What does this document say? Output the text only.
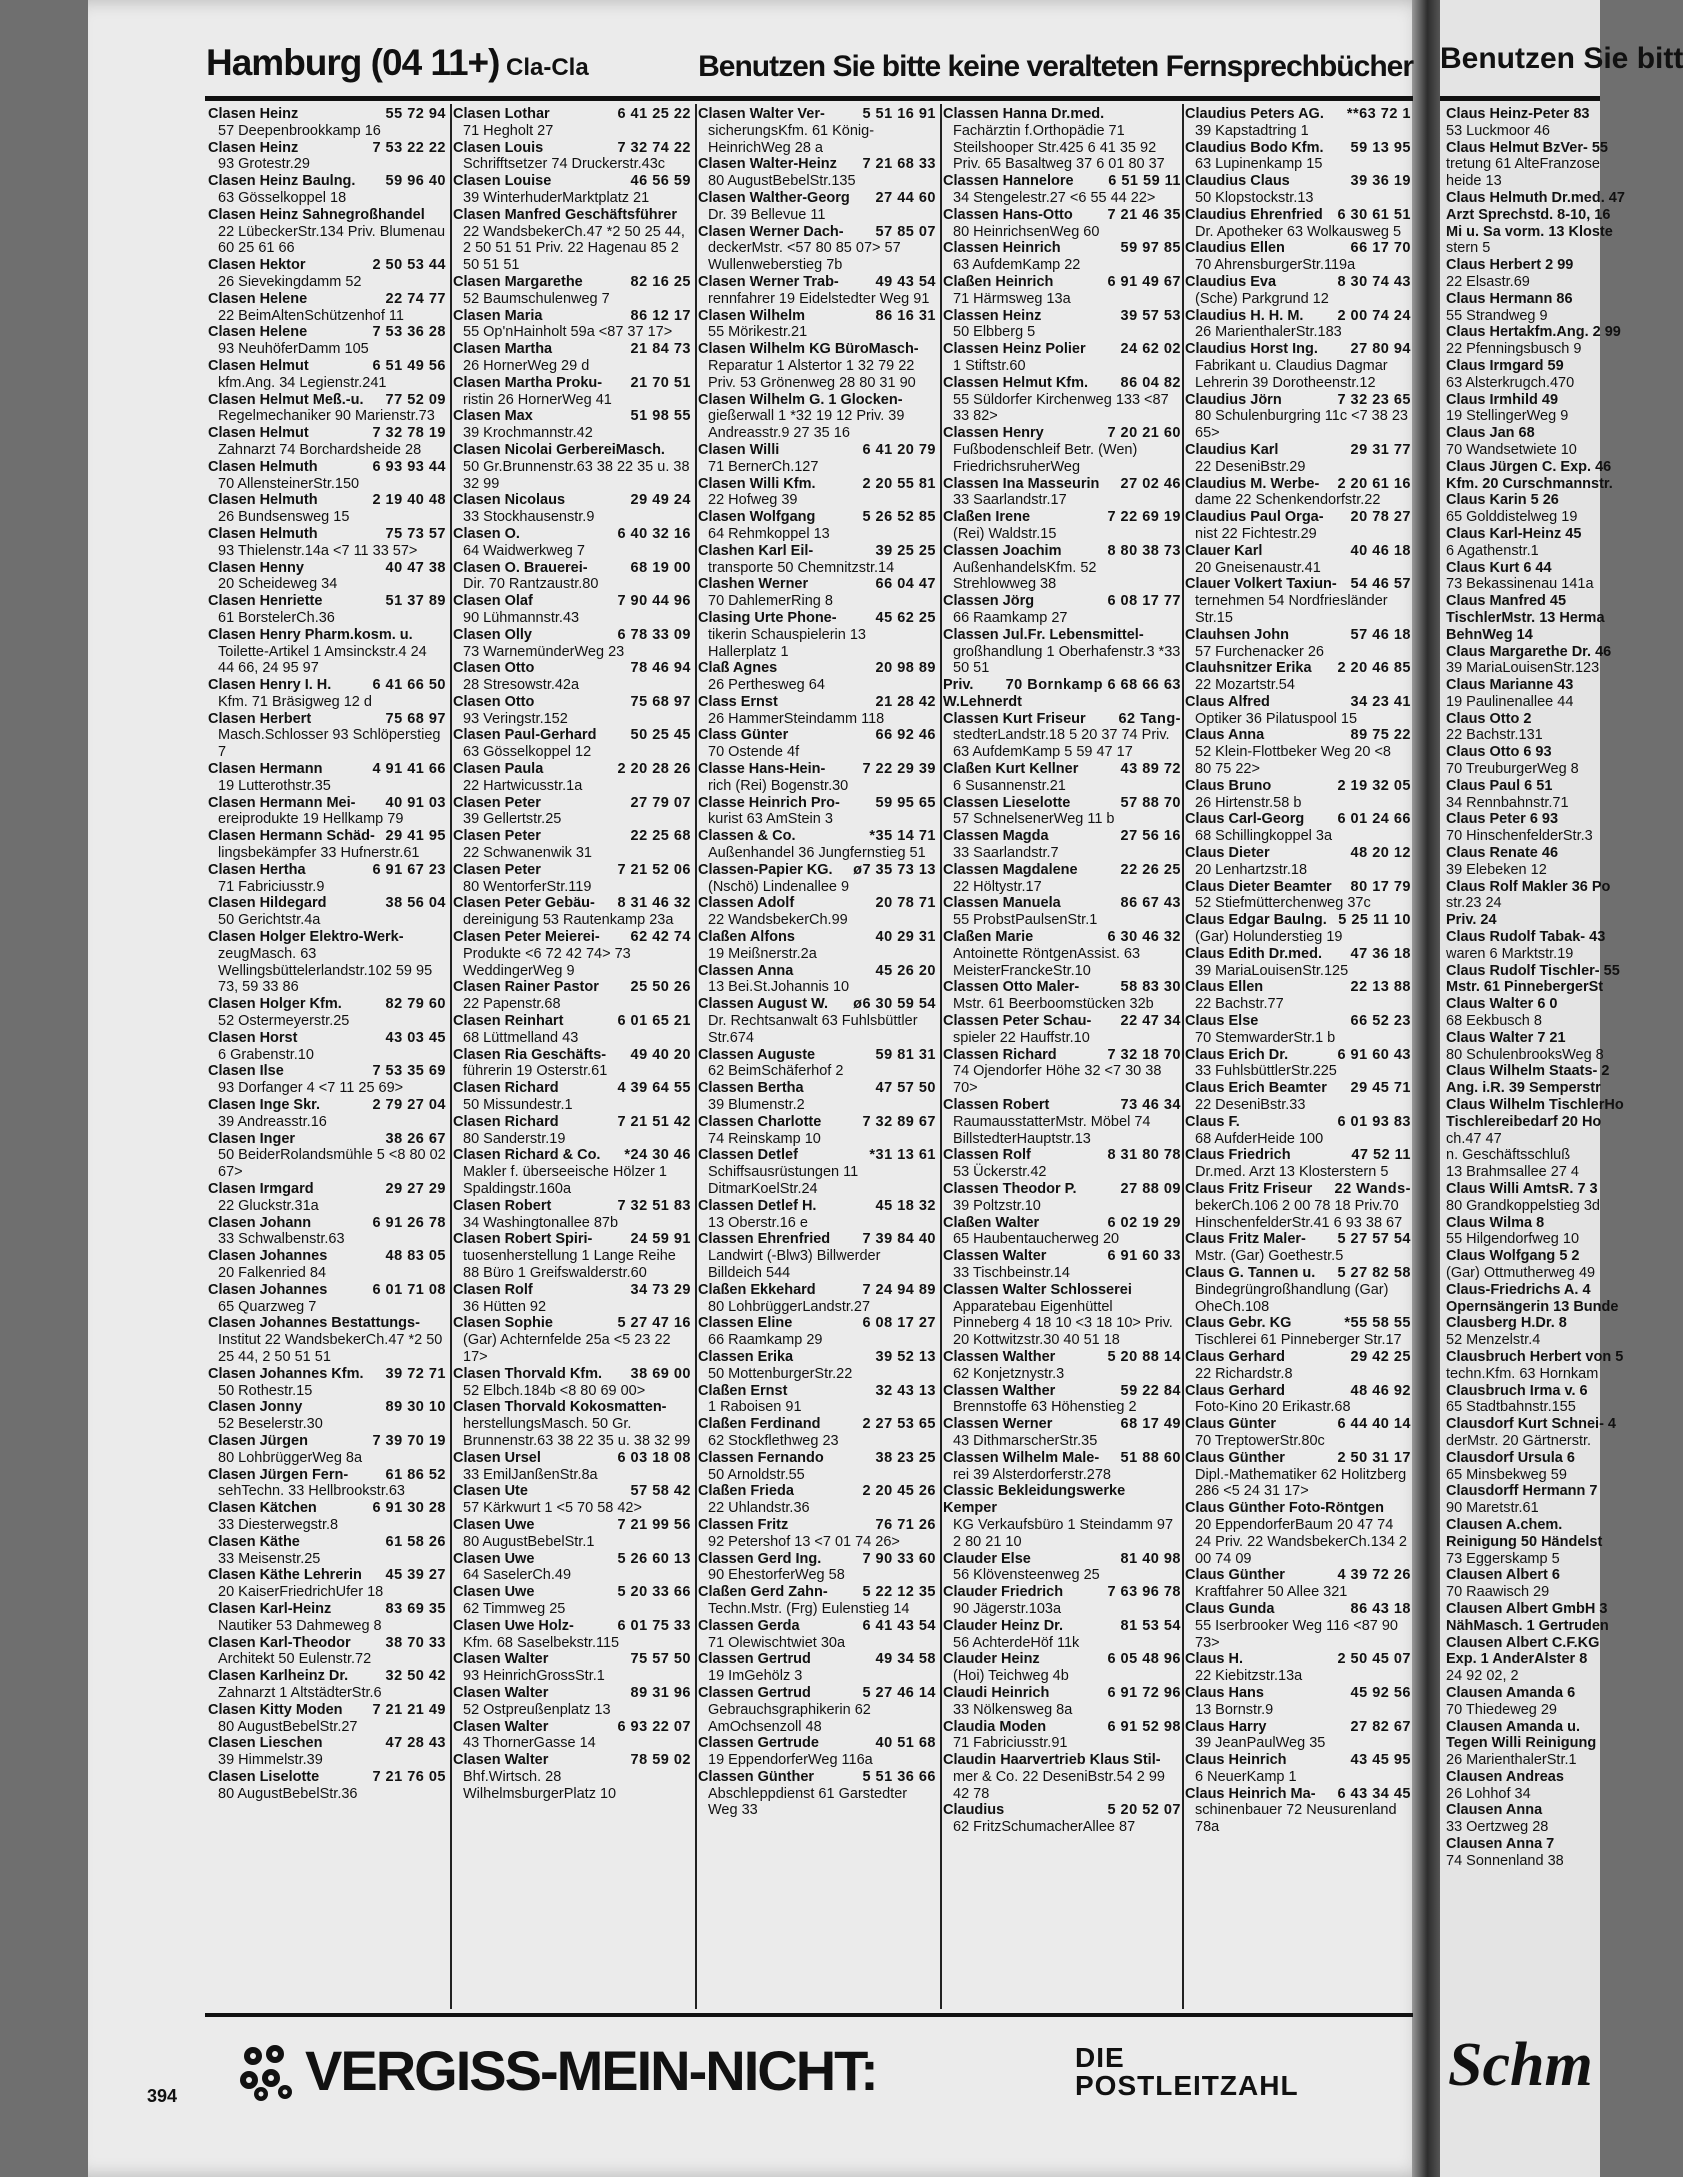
Hamburg (04 11+) Cla-Cla	Benutzen Sie bitte keine veralteten Fernsprechbücher
55 72 94
Clasen Heinz
57 Deepenbrookkamp 16
7 53 22 22
Clasen Heinz
93 Grotestr.29
59 96 40
Clasen Heinz Baulng.
63 Gösselkoppel 18
Clasen Heinz Sahnegroßhandel
22 LübeckerStr.134 Priv. Blumenau 60 25 61 66
2 50 53 44
Clasen Hektor
26 Sievekingdamm 52
22 74 77
Clasen Helene
22 BeimAltenSchützenhof 11
7 53 36 28
Clasen Helene
93 NeuhöferDamm 105
6 51 49 56
Clasen Helmut
kfm.Ang. 34 Legienstr.241
77 52 09
Clasen Helmut Meß.-u.
Regelmechaniker 90 Marienstr.73
7 32 78 19
Clasen Helmut
Zahnarzt 74 Borchardsheide 28
6 93 93 44
Clasen Helmuth
70 AllensteinerStr.150
2 19 40 48
Clasen Helmuth
26 Bundsensweg 15
75 73 57
Clasen Helmuth
93 Thielenstr.14a <7 11 33 57>
40 47 38
Clasen Henny
20 Scheideweg 34
51 37 89
Clasen Henriette
61 BorstelerCh.36
Clasen Henry Pharm.kosm. u.
Toilette-Artikel 1 Amsinckstr.4 24 44 66, 24 95 97
6 41 66 50
Clasen Henry I. H.
Kfm. 71 Bräsigweg 12 d
75 68 97
Clasen Herbert
Masch.Schlosser 93 Schlöperstieg 7
4 91 41 66
Clasen Hermann
19 Lutterothstr.35
40 91 03
Clasen Hermann Mei-
ereiprodukte 19 Hellkamp 79
29 41 95
Clasen Hermann Schäd-
lingsbekämpfer 33 Hufnerstr.61
6 91 67 23
Clasen Hertha
71 Fabriciusstr.9
38 56 04
Clasen Hildegard
50 Gerichtstr.4a
Clasen Holger Elektro-Werk-
zeugMasch. 63 Wellingsbüttelerlandstr.102 59 95 73, 59 33 86
82 79 60
Clasen Holger Kfm.
52 Ostermeyerstr.25
43 03 45
Clasen Horst
6 Grabenstr.10
7 53 35 69
Clasen Ilse
93 Dorfanger 4 <7 11 25 69>
2 79 27 04
Clasen Inge Skr.
39 Andreasstr.16
38 26 67
Clasen Inger
50 BeiderRolandsmühle 5 <8 80 02 67>
29 27 29
Clasen Irmgard
22 Gluckstr.31a
6 91 26 78
Clasen Johann
33 Schwalbenstr.63
48 83 05
Clasen Johannes
20 Falkenried 84
6 01 71 08
Clasen Johannes
65 Quarzweg 7
Clasen Johannes Bestattungs-
Institut 22 WandsbekerCh.47 *2 50 25 44, 2 50 51 51
39 72 71
Clasen Johannes Kfm.
50 Rothestr.15
89 30 10
Clasen Jonny
52 Beselerstr.30
7 39 70 19
Clasen Jürgen
80 LohbrüggerWeg 8a
61 86 52
Clasen Jürgen Fern-
sehTechn. 33 Hellbrookstr.63
6 91 30 28
Clasen Kätchen
33 Diesterwegstr.8
61 58 26
Clasen Käthe
33 Meisenstr.25
45 39 27
Clasen Käthe Lehrerin
20 KaiserFriedrichUfer 18
83 69 35
Clasen Karl-Heinz
Nautiker 53 Dahmeweg 8
38 70 33
Clasen Karl-Theodor
Architekt 50 Eulenstr.72
32 50 42
Clasen Karlheinz Dr.
Zahnarzt 1 AltstädterStr.6
7 21 21 49
Clasen Kitty Moden
80 AugustBebelStr.27
47 28 43
Clasen Lieschen
39 Himmelstr.39
7 21 76 05
Clasen Liselotte
80 AugustBebelStr.36
6 41 25 22
Clasen Lothar
71 Hegholt 27
7 32 74 22
Clasen Louis
Schrifftsetzer 74 Druckerstr.43c
46 56 59
Clasen Louise
39 WinterhuderMarktplatz 21
Clasen Manfred Geschäftsführer
22 WandsbekerCh.47 *2 50 25 44, 2 50 51 51 Priv. 22 Hagenau 85 2 50 51 51
82 16 25
Clasen Margarethe
52 Baumschulenweg 7
86 12 17
Clasen Maria
55 Op'nHainholt 59a <87 37 17>
21 84 73
Clasen Martha
26 HornerWeg 29 d
21 70 51
Clasen Martha Proku-
ristin 26 HornerWeg 41
51 98 55
Clasen Max
39 Krochmannstr.42
Clasen Nicolai GerbereiMasch.
50 Gr.Brunnenstr.63 38 22 35 u. 38 32 99
29 49 24
Clasen Nicolaus
33 Stockhausenstr.9
6 40 32 16
Clasen O.
64 Waidwerkweg 7
68 19 00
Clasen O. Brauerei-
Dir. 70 Rantzaustr.80
7 90 44 96
Clasen Olaf
90 Lühmannstr.43
6 78 33 09
Clasen Olly
73 WarnemünderWeg 23
78 46 94
Clasen Otto
28 Stresowstr.42a
75 68 97
Clasen Otto
93 Veringstr.152
50 25 45
Clasen Paul-Gerhard
63 Gösselkoppel 12
2 20 28 26
Clasen Paula
22 Hartwicusstr.1a
27 79 07
Clasen Peter
39 Gellertstr.25
22 25 68
Clasen Peter
22 Schwanenwik 31
7 21 52 06
Clasen Peter
80 WentorferStr.119
8 31 46 32
Clasen Peter Gebäu-
dereinigung 53 Rautenkamp 23a
62 42 74
Clasen Peter Meierei-
Produkte <6 72 42 74> 73 WeddingerWeg 9
25 50 26
Clasen Rainer Pastor
22 Papenstr.68
6 01 65 21
Clasen Reinhart
68 Lüttmelland 43
49 40 20
Clasen Ria Geschäfts-
führerin 19 Osterstr.61
4 39 64 55
Clasen Richard
50 Missundestr.1
7 21 51 42
Clasen Richard
80 Sanderstr.19
*24 30 46
Clasen Richard & Co.
Makler f. überseeische Hölzer 1 Spaldingstr.160a
7 32 51 83
Clasen Robert
34 Washingtonallee 87b
24 59 91
Clasen Robert Spiri-
tuosenherstellung 1 Lange Reihe 88 Büro 1 Greifswalderstr.60
34 73 29
Clasen Rolf
36 Hütten 92
5 27 47 16
Clasen Sophie
(Gar) Achternfelde 25a <5 23 22 17>
38 69 00
Clasen Thorvald Kfm.
52 Elbch.184b <8 80 69 00>
Clasen Thorvald Kokosmatten-
herstellungsMasch. 50 Gr. Brunnenstr.63 38 22 35 u. 38 32 99
6 03 18 08
Clasen Ursel
33 EmilJanßenStr.8a
57 58 42
Clasen Ute
57 Kärkwurt 1 <5 70 58 42>
7 21 99 56
Clasen Uwe
80 AugustBebelStr.1
5 26 60 13
Clasen Uwe
64 SaselerCh.49
5 20 33 66
Clasen Uwe
62 Timmweg 25
6 01 75 33
Clasen Uwe Holz-
Kfm. 68 Saselbekstr.115
75 57 50
Clasen Walter
93 HeinrichGrossStr.1
89 31 96
Clasen Walter
52 Ostpreußenplatz 13
6 93 22 07
Clasen Walter
43 ThornerGasse 14
78 59 02
Clasen Walter
Bhf.Wirtsch. 28 WilhelmsburgerPlatz 10
5 51 16 91
Clasen Walter Ver-
sicherungsKfm. 61 König-HeinrichWeg 28 a
7 21 68 33
Clasen Walter-Heinz
80 AugustBebelStr.135
27 44 60
Clasen Walther-Georg
Dr. 39 Bellevue 11
57 85 07
Clasen Werner Dach-
deckerMstr. <57 80 85 07> 57 Wullenweberstieg 7b
49 43 54
Clasen Werner Trab-
rennfahrer 19 Eidelstedter Weg 91
86 16 31
Clasen Wilhelm
55 Mörikestr.21
Clasen Wilhelm KG BüroMasch-
Reparatur 1 Alstertor 1 32 79 22 Priv. 53 Grönenweg 28 80 31 90
Clasen Wilhelm G. 1 Glocken-
gießerwall 1 *32 19 12 Priv. 39 Andreasstr.9 27 35 16
6 41 20 79
Clasen Willi
71 BernerCh.127
2 20 55 81
Clasen Willi Kfm.
22 Hofweg 39
5 26 52 85
Clasen Wolfgang
64 Rehmkoppel 13
39 25 25
Clashen Karl Eil-
transporte 50 Chemnitzstr.14
66 04 47
Clashen Werner
70 DahlemerRing 8
45 62 25
Clasing Urte Phone-
tikerin Schauspielerin 13 Hallerplatz 1
20 98 89
Claß Agnes
26 Perthesweg 64
21 28 42
Class Ernst
26 HammerSteindamm 118
66 92 46
Class Günter
70 Ostende 4f
7 22 29 39
Classe Hans-Hein-
rich (Rei) Bogenstr.30
59 95 65
Classe Heinrich Pro-
kurist 63 AmStein 3
*35 14 71
Classen & Co.
Außenhandel 36 Jungfernstieg 51
ø7 35 73 13
Classen-Papier KG.
(Nschö) Lindenallee 9
20 78 71
Classen Adolf
22 WandsbekerCh.99
40 29 31
Claßen Alfons
19 Meißnerstr.2a
45 26 20
Classen Anna
13 Bei.St.Johannis 10
ø6 30 59 54
Classen August W.
Dr. Rechtsanwalt 63 Fuhlsbüttler Str.674
59 81 31
Classen Auguste
62 BeimSchäferhof 2
47 57 50
Classen Bertha
39 Blumenstr.2
7 32 89 67
Classen Charlotte
74 Reinskamp 10
*31 13 61
Classen Detlef
Schiffsausrüstungen 11 DitmarKoelStr.24
45 18 32
Classen Detlef H.
13 Oberstr.16 e
7 39 84 40
Classen Ehrenfried
Landwirt (-Blw3) Billwerder Billdeich 544
7 24 94 89
Claßen Ekkehard
80 LohbrüggerLandstr.27
6 08 17 27
Classen Eline
66 Raamkamp 29
39 52 13
Classen Erika
50 MottenburgerStr.22
32 43 13
Claßen Ernst
1 Raboisen 91
2 27 53 65
Claßen Ferdinand
62 Stockflethweg 23
38 23 25
Classen Fernando
50 Arnoldstr.55
2 20 45 26
Claßen Frieda
22 Uhlandstr.36
76 71 26
Classen Fritz
92 Petershof 13 <7 01 74 26>
7 90 33 60
Classen Gerd Ing.
90 EhestorferWeg 58
5 22 12 35
Claßen Gerd Zahn-
Techn.Mstr. (Frg) Eulenstieg 14
6 41 43 54
Classen Gerda
71 Olewischtwiet 30a
49 34 58
Classen Gertrud
19 ImGehölz 3
5 27 46 14
Classen Gertrud
Gebrauchsgraphikerin 62 AmOchsenzoll 48
40 51 68
Classen Gertrude
19 EppendorferWeg 116a
5 51 36 66
Classen Günther
Abschleppdienst 61 Garstedter Weg 33
Classen Hanna Dr.med.
Fachärztin f.Orthopädie 71 Steilshooper Str.425 6 41 35 92 Priv. 65 Basaltweg 37 6 01 80 37
6 51 59 11
Classen Hannelore
34 Stengelestr.27 <6 55 44 22>
7 21 46 35
Classen Hans-Otto
80 HeinrichsenWeg 60
59 97 85
Classen Heinrich
63 AufdemKamp 22
6 91 49 67
Claßen Heinrich
71 Härmsweg 13a
39 57 53
Classen Heinz
50 Elbberg 5
24 62 02
Classen Heinz Polier
1 Stiftstr.60
86 04 82
Classen Helmut Kfm.
55 Süldorfer Kirchenweg 133 <87 33 82>
7 20 21 60
Classen Henry
Fußbodenschleif Betr. (Wen) FriedrichsruherWeg
27 02 46
Classen Ina Masseurin
33 Saarlandstr.17
7 22 69 19
Claßen Irene
(Rei) Waldstr.15
8 80 38 73
Classen Joachim
AußenhandelsKfm. 52 Strehlowweg 38
6 08 17 77
Classen Jörg
66 Raamkamp 27
Classen Jul.Fr. Lebensmittel-
großhandlung 1 Oberhafenstr.3 *33 50 51
70 Bornkamp 6 68 66 63
Priv. W.Lehnerdt
62 Tang-
Classen Kurt Friseur
stedterLandstr.18 5 20 37 74 Priv. 63 AufdemKamp 5 59 47 17
43 89 72
Claßen Kurt Kellner
6 Susannenstr.21
57 88 70
Classen Lieselotte
57 SchnelsenerWeg 11 b
27 56 16
Classen Magda
33 Saarlandstr.7
22 26 25
Classen Magdalene
22 Höltystr.17
86 67 43
Classen Manuela
55 ProbstPaulsenStr.1
6 30 46 32
Claßen Marie
Antoinette RöntgenAssist. 63 MeisterFranckeStr.10
58 83 30
Classen Otto Maler-
Mstr. 61 Beerboomstücken 32b
22 47 34
Classen Peter Schau-
spieler 22 Hauffstr.10
7 32 18 70
Classen Richard
74 Ojendorfer Höhe 32 <7 30 38 70>
73 46 34
Classen Robert
RaumausstatterMstr. Möbel 74 BillstedterHauptstr.13
8 31 80 78
Classen Rolf
53 Ückerstr.42
27 88 09
Classen Theodor P.
39 Poltzstr.10
6 02 19 29
Claßen Walter
65 Haubentaucherweg 20
6 91 60 33
Classen Walter
33 Tischbeinstr.14
Classen Walter Schlosserei
Apparatebau Eigenhüttel Pinneberg 4 18 10 <3 18 10> Priv. 20 Kottwitzstr.30 40 51 18
5 20 88 14
Classen Walther
62 Konjetznystr.3
59 22 84
Classen Walther
Brennstoffe 63 Höhenstieg 2
68 17 49
Classen Werner
43 DithmarscherStr.35
51 88 60
Classen Wilhelm Male-
rei 39 Alsterdorferstr.278
Classic Bekleidungswerke Kemper
KG Verkaufsbüro 1 Steindamm 97 2 80 21 10
81 40 98
Clauder Else
56 Klövensteenweg 25
7 63 96 78
Clauder Friedrich
90 Jägerstr.103a
81 53 54
Clauder Heinz Dr.
56 AchterdeHöf 11k
6 05 48 96
Clauder Heinz
(Hoi) Teichweg 4b
6 91 72 96
Claudi Heinrich
33 Nölkensweg 8a
6 91 52 98
Claudia Moden
71 Fabriciusstr.91
Claudin Haarvertrieb Klaus Stil-
mer & Co. 22 DeseniBstr.54 2 99 42 78
5 20 52 07
Claudius
62 FritzSchumacherAllee 87
**63 72 1
Claudius Peters AG.
39 Kapstadtring 1
59 13 95
Claudius Bodo Kfm.
63 Lupinenkamp 15
39 36 19
Claudius Claus
50 Klopstockstr.13
6 30 61 51
Claudius Ehrenfried
Dr. Apotheker 63 Wolkausweg 5
66 17 70
Claudius Ellen
70 AhrensburgerStr.119a
8 30 74 43
Claudius Eva
(Sche) Parkgrund 12
2 00 74 24
Claudius H. H. M.
26 MarienthalerStr.183
27 80 94
Claudius Horst Ing.
Fabrikant u. Claudius Dagmar Lehrerin 39 Dorotheenstr.12
7 32 23 65
Claudius Jörn
80 Schulenburgring 11c <7 38 23 65>
29 31 77
Claudius Karl
22 DeseniBstr.29
2 20 61 16
Claudius M. Werbe-
dame 22 Schenkendorfstr.22
20 78 27
Claudius Paul Orga-
nist 22 Fichtestr.29
40 46 18
Clauer Karl
20 Gneisenaustr.41
54 46 57
Clauer Volkert Taxiun-
ternehmen 54 Nordfriesländer Str.15
57 46 18
Clauhsen John
57 Furchenacker 26
2 20 46 85
Clauhsnitzer Erika
22 Mozartstr.54
34 23 41
Claus Alfred
Optiker 36 Pilatuspool 15
89 75 22
Claus Anna
52 Klein-Flottbeker Weg 20 <8 80 75 22>
2 19 32 05
Claus Bruno
26 Hirtenstr.58 b
6 01 24 66
Claus Carl-Georg
68 Schillingkoppel 3a
48 20 12
Claus Dieter
20 Lenhartzstr.18
80 17 79
Claus Dieter Beamter
52 Stiefmütterchenweg 37c
5 25 11 10
Claus Edgar Baulng.
(Gar) Holunderstieg 19
47 36 18
Claus Edith Dr.med.
39 MariaLouisenStr.125
22 13 88
Claus Ellen
22 Bachstr.77
66 52 23
Claus Else
70 StemwarderStr.1 b
6 91 60 43
Claus Erich Dr.
33 FuhlsbüttlerStr.225
29 45 71
Claus Erich Beamter
22 DeseniBstr.33
6 01 93 83
Claus F.
68 AufderHeide 100
47 52 11
Claus Friedrich
Dr.med. Arzt 13 Klosterstern 5
22 Wands-
Claus Fritz Friseur
bekerCh.106 2 00 78 18 Priv.70 HinschenfelderStr.41 6 93 38 67
5 27 57 54
Claus Fritz Maler-
Mstr. (Gar) Goethestr.5
5 27 82 58
Claus G. Tannen u.
Bindegrüngroßhandlung (Gar) OheCh.108
*55 58 55
Claus Gebr. KG
Tischlerei 61 Pinneberger Str.17
29 42 25
Claus Gerhard
22 Richardstr.8
48 46 92
Claus Gerhard
Foto-Kino 20 Erikastr.68
6 44 40 14
Claus Günter
70 TreptowerStr.80c
2 50 31 17
Claus Günther
Dipl.-Mathematiker 62 Holitzberg 286 <5 24 31 17>
Claus Günther Foto-Röntgen
20 EppendorferBaum 20 47 74 24 Priv. 22 WandsbekerCh.134 2 00 74 09
4 39 72 26
Claus Günther
Kraftfahrer 50 Allee 321
86 43 18
Claus Gunda
55 Iserbrooker Weg 116 <87 90 73>
2 50 45 07
Claus H.
22 Kiebitzstr.13a
45 92 56
Claus Hans
13 Bornstr.9
27 82 67
Claus Harry
39 JeanPaulWeg 35
43 45 95
Claus Heinrich
6 NeuerKamp 1
6 43 34 45
Claus Heinrich Ma-
schinenbauer 72 Neusurenland 78a
VERGISS-MEIN-NICHT:	DIE
POSTLEITZAHL
394
Benutzen Sie bitt
Claus Heinz-Peter 83
53 Luckmoor 46
Claus Helmut BzVer- 55
tretung 61 AlteFranzose
heide 13
Claus Helmuth Dr.med. 47
Arzt Sprechstd. 8-10, 16
Mi u. Sa vorm. 13 Kloste
stern 5
Claus Herbert 2 99
22 Elsastr.69
Claus Hermann 86
55 Strandweg 9
Claus Hertakfm.Ang. 2 99
22 Pfenningsbusch 9
Claus Irmgard 59
63 Alsterkrugch.470
Claus Irmhild 49
19 StellingerWeg 9
Claus Jan 68
70 Wandsetwiete 10
Claus Jürgen C. Exp. 46
Kfm. 20 Curschmannstr.
Claus Karin 5 26
65 Golddistelweg 19
Claus Karl-Heinz 45
6 Agathenstr.1
Claus Kurt 6 44
73 Bekassinenau 141a
Claus Manfred 45
TischlerMstr. 13 Herma
BehnWeg 14
Claus Margarethe Dr. 46
39 MariaLouisenStr.123
Claus Marianne 43
19 Paulinenallee 44
Claus Otto 2
22 Bachstr.131
Claus Otto 6 93
70 TreuburgerWeg 8
Claus Paul 6 51
34 Rennbahnstr.71
Claus Peter 6 93
70 HinschenfelderStr.3
Claus Renate 46
39 Elebeken 12
Claus Rolf Makler 36 Po
str.23 24
Priv. 24
Claus Rudolf Tabak- 43
waren 6 Marktstr.19
Claus Rudolf Tischler- 55
Mstr. 61 PinnebergerSt
Claus Walter 6 0
68 Eekbusch 8
Claus Walter 7 21
80 SchulenbrooksWeg 8
Claus Wilhelm Staats- 2
Ang. i.R. 39 Semperstr
Claus Wilhelm TischlerHo
Tischlereibedarf 20 Ho
ch.47 47
n. Geschäftsschluß
13 Brahmsallee 27 4
Claus Willi AmtsR. 7 3
80 Grandkoppelstieg 3d
Claus Wilma 8
55 Hilgendorfweg 10
Claus Wolfgang 5 2
(Gar) Ottmutherweg 49
Claus-Friedrichs A. 4
Opernsängerin 13 Bunde
Clausberg H.Dr. 8
52 Menzelstr.4
Clausbruch Herbert von 5
techn.Kfm. 63 Hornkam
Clausbruch Irma v. 6
65 Stadtbahnstr.155
Clausdorf Kurt Schnei- 4
derMstr. 20 Gärtnerstr.
Clausdorf Ursula 6
65 Minsbekweg 59
Clausdorff Hermann 7
90 Maretstr.61
Clausen A.chem.
Reinigung 50 Händelst
73 Eggerskamp 5
Clausen Albert 6
70 Raawisch 29
Clausen Albert GmbH 3
NähMasch. 1 Gertruden
Clausen Albert C.F.KG
Exp. 1 AnderAlster 8
24 92 02, 2
Clausen Amanda 6
70 Thiedeweg 29
Clausen Amanda u.
Tegen Willi Reinigung
26 MarienthalerStr.1
Clausen Andreas
26 Lohhof 34
Clausen Anna
33 Oertzweg 28
Clausen Anna 7
74 Sonnenland 38
Schm
